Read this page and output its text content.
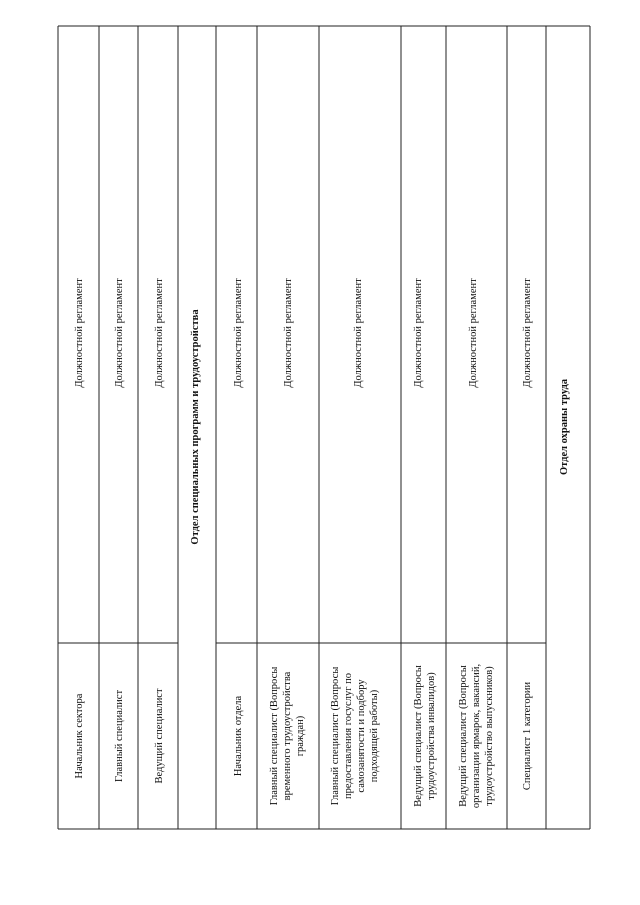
Начальник сектора
Должностной регламент
Главный специалист
Должностной регламент
Ведущий специалист
Должностной регламент Отдел специальных программ и трудоустройства
Начальник отдела
Должностной регламент
Главный специалист (Вопросы временного трудоустройства граждан)
Должностной регламент
Главный специалист (Вопросы предоставления госуслуг по самозанятости и подбору подходящей работы)
Должностной регламент
Ведущий специалист (Вопросы трудоустройства инвалидов)
Должностной регламент
Ведущий специалист (Вопросы организации ярмарок, вакансий, трудоустройство выпускников)
Должностной регламент
Специалист 1 категории
Должностной регламент
Отдел охраны труда
